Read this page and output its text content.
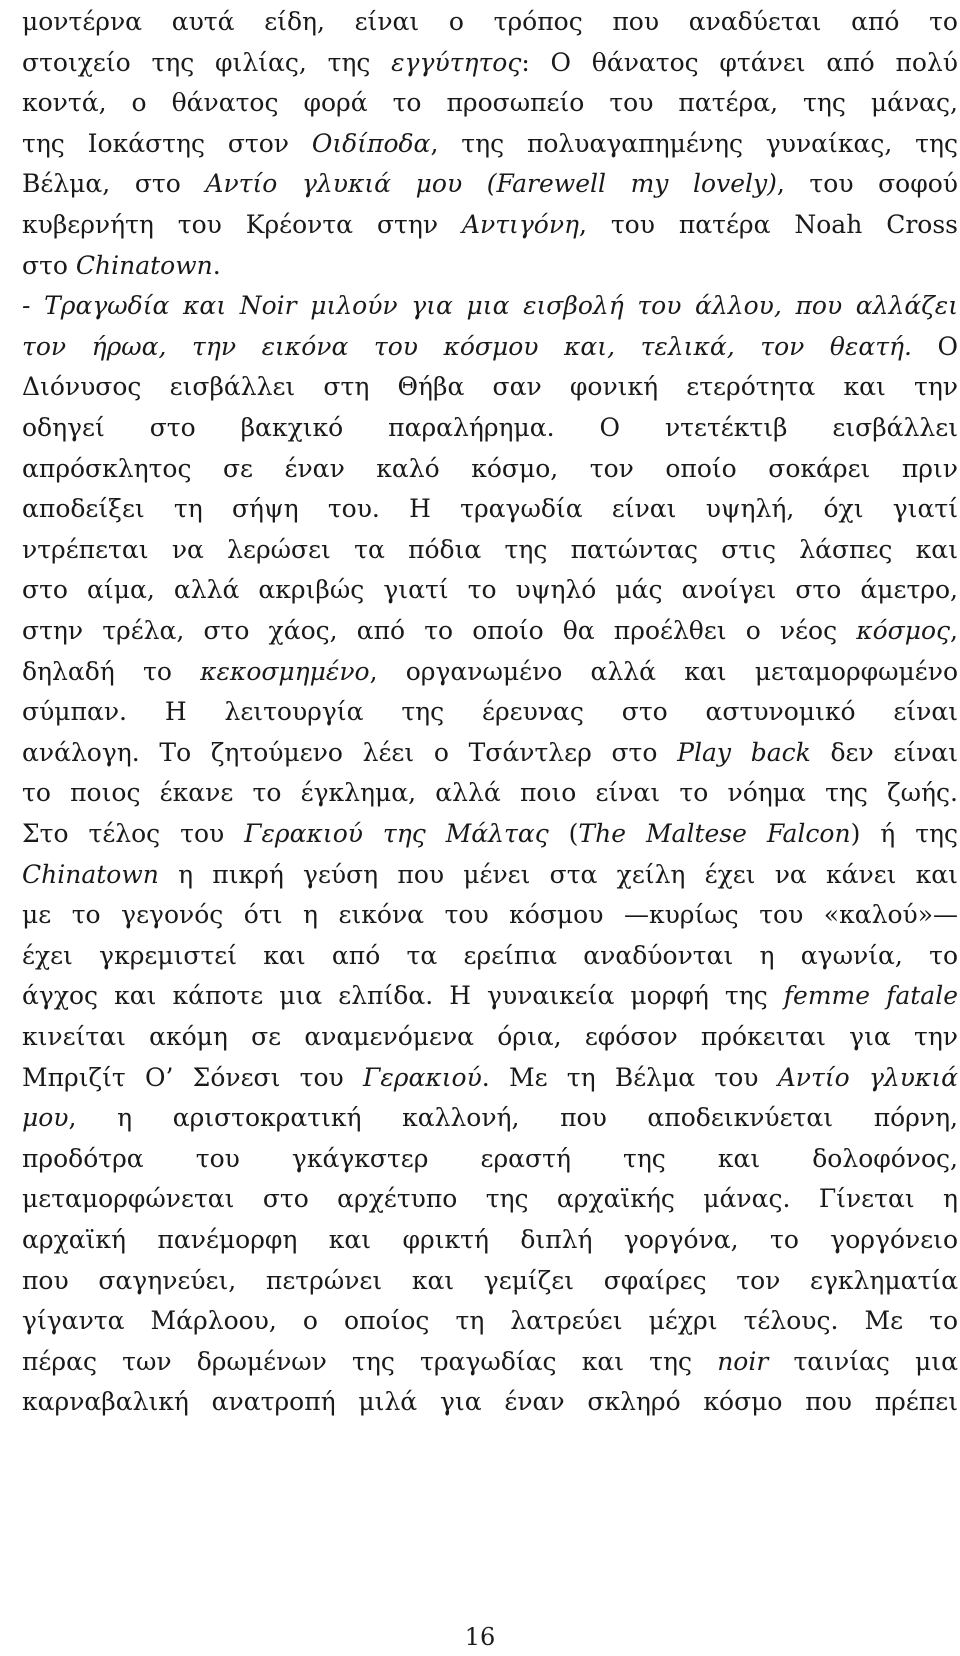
μοντέρνα αυτά είδη, είναι ο τρόπος που αναδύεται από το
στοιχείο της φιλίας, της εγγύτητος: Ο θάνατος φτάνει από πολύ
κοντά, ο θάνατος φορά το προσωπείο του πατέρα, της μάνας,
της Ιοκάστης στον Οιδίποδα, της πολυαγαπημένης γυναίκας, της
Βέλμα, στο Αντίο γλυκιά μου (Farewell my lovely), του σοφού
κυβερνήτη του Κρέοντα στην Αντιγόνη, του πατέρα Noah Cross
στο Chinatown.
- Τραγωδία και Noir μιλούν για μια εισβολή του άλλου, που αλλάζει
τον ήρωα, την εικόνα του κόσμου και, τελικά, τον θεατή. Ο
Διόνυσος εισβάλλει στη Θήβα σαν φονική ετερότητα και την
οδηγεί στο βακχικό παραλήρημα. Ο ντετέκτιβ εισβάλλει
απρόσκλητος σε έναν καλό κόσμο, τον οποίο σοκάρει πριν
αποδείξει τη σήψη του. Η τραγωδία είναι υψηλή, όχι γιατί
ντρέπεται να λερώσει τα πόδια της πατώντας στις λάσπες και
στο αίμα, αλλά ακριβώς γιατί το υψηλό μάς ανοίγει στο άμετρο,
στην τρέλα, στο χάος, από το οποίο θα προέλθει ο νέος κόσμος,
δηλαδή το κεκοσμημένο, οργανωμένο αλλά και μεταμορφωμένο
σύμπαν. Η λειτουργία της έρευνας στο αστυνομικό είναι
ανάλογη. Το ζητούμενο λέει ο Τσάντλερ στο Play back δεν είναι
το ποιος έκανε το έγκλημα, αλλά ποιο είναι το νόημα της ζωής.
Στο τέλος του Γερακιού της Μάλτας (The Maltese Falcon) ή της
Chinatown η πικρή γεύση που μένει στα χείλη έχει να κάνει και
με το γεγονός ότι η εικόνα του κόσμου —κυρίως του «καλού»—
έχει γκρεμιστεί και από τα ερείπια αναδύονται η αγωνία, το
άγχος και κάποτε μια ελπίδα. Η γυναικεία μορφή της femme fatale
κινείται ακόμη σε αναμενόμενα όρια, εφόσον πρόκειται για την
Μπριζίτ Ο’ Σόνεσι του Γερακιού. Με τη Βέλμα του Αντίο γλυκιά
μου, η αριστοκρατική καλλονή, που αποδεικνύεται πόρνη,
προδότρα του γκάγκστερ εραστή της και δολοφόνος,
μεταμορφώνεται στο αρχέτυπο της αρχαϊκής μάνας. Γίνεται η
αρχαϊκή πανέμορφη και φρικτή διπλή γοργόνα, το γοργόνειο
που σαγηνεύει, πετρώνει και γεμίζει σφαίρες τον εγκληματία
γίγαντα Μάρλοου, ο οποίος τη λατρεύει μέχρι τέλους. Με το
πέρας των δρωμένων της τραγωδίας και της noir ταινίας μια
καρναβαλική ανατροπή μιλά για έναν σκληρό κόσμο που πρέπει
16
